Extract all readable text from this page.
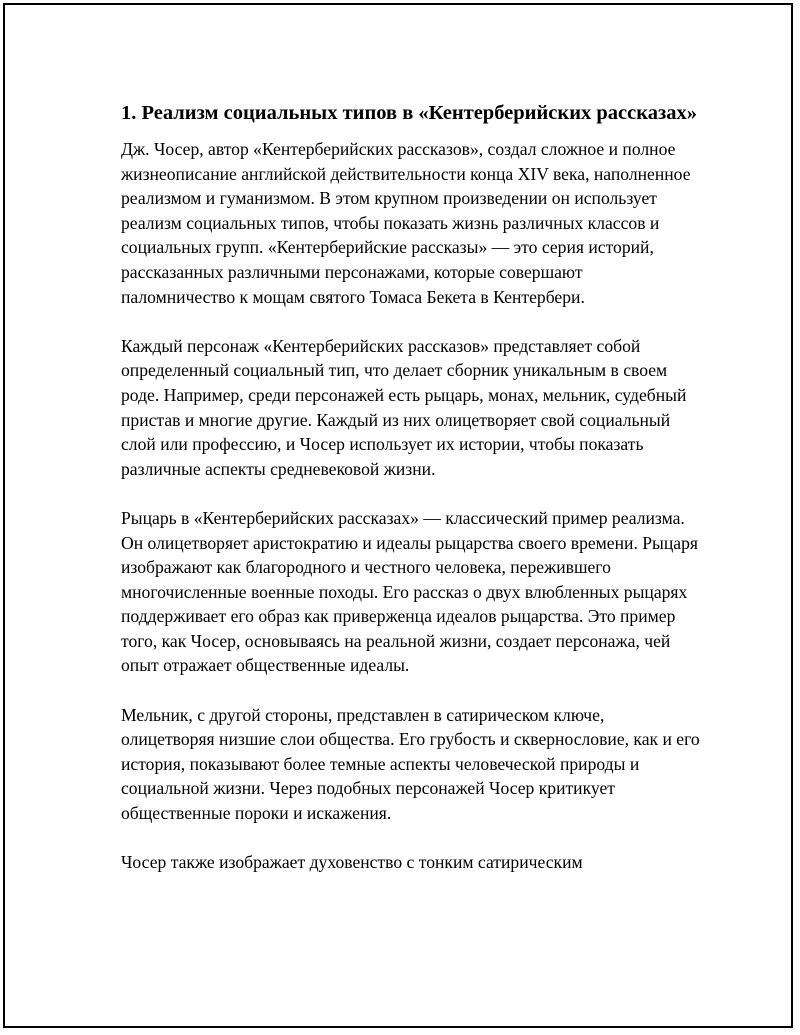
1. Реализм социальных типов в «Кентерберийских рассказах»

Дж. Чосер, автор «Кентерберийских рассказов», создал сложное и полное жизнеописание английской действительности конца XIV века, наполненное реализмом и гуманизмом. В этом крупном произведении он использует реализм социальных типов, чтобы показать жизнь различных классов и социальных групп. «Кентерберийские рассказы» — это серия историй, рассказанных различными персонажами, которые совершают паломничество к мощам святого Томаса Бекета в Кентербери.

Каждый персонаж «Кентерберийских рассказов» представляет собой определенный социальный тип, что делает сборник уникальным в своем роде. Например, среди персонажей есть рыцарь, монах, мельник, судебный пристав и многие другие. Каждый из них олицетворяет свой социальный слой или профессию, и Чосер использует их истории, чтобы показать различные аспекты средневековой жизни.

Рыцарь в «Кентерберийских рассказах» — классический пример реализма. Он олицетворяет аристократию и идеалы рыцарства своего времени. Рыцаря изображают как благородного и честного человека, пережившего многочисленные военные походы. Его рассказ о двух влюбленных рыцарях поддерживает его образ как приверженца идеалов рыцарства. Это пример того, как Чосер, основываясь на реальной жизни, создает персонажа, чей опыт отражает общественные идеалы.

Мельник, с другой стороны, представлен в сатирическом ключе, олицетворяя низшие слои общества. Его грубость и сквернословие, как и его история, показывают более темные аспекты человеческой природы и социальной жизни. Через подобных персонажей Чосер критикует общественные пороки и искажения.

Чосер также изображает духовенство с тонким сатирическим
